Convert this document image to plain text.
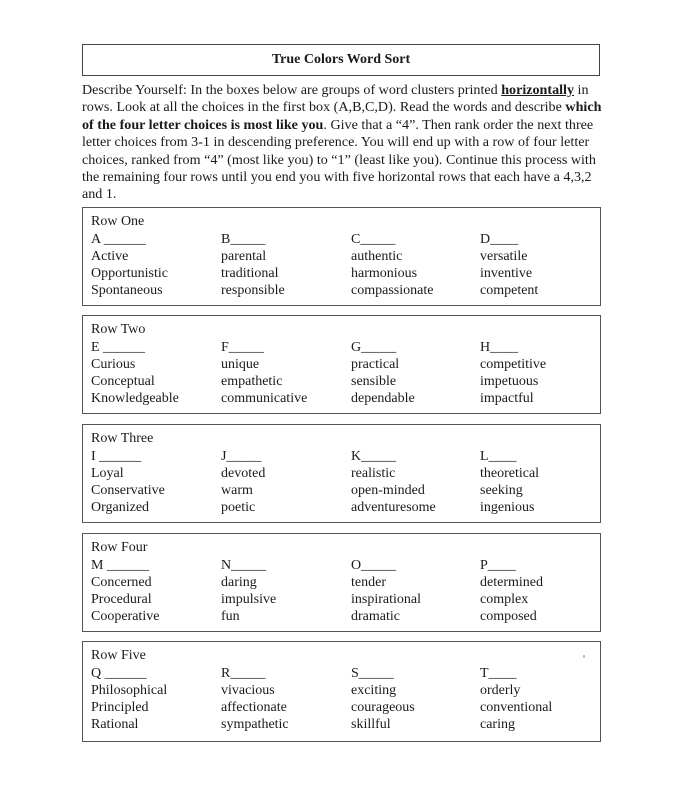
True Colors Word Sort

Describe Yourself: In the boxes below are groups of word clusters printed horizontally in rows. Look at all the choices in the first box (A,B,C,D). Read the words and describe which of the four letter choices is most like you. Give that a “4”. Then rank order the next three letter choices from 3-1 in descending preference. You will end up with a row of four letter choices, ranked from “4” (most like you) to “1” (least like you). Continue this process with the remaining four rows until you end you with five horizontal rows that each have a 4,3,2 and 1.

Row One
A ______
Active
Opportunistic
Spontaneous
B_____
parental
traditional
responsible
C_____
authentic
harmonious
compassionate
D____
versatile
inventive
competent
Row Two
E ______
Curious
Conceptual
Knowledgeable
F_____
unique
empathetic
communicative
G_____
practical
sensible
dependable
H____
competitive
impetuous
impactful
Row Three
I ______
Loyal
Conservative
Organized
J_____
devoted
warm
poetic
K_____
realistic
open-minded
adventuresome
L____
theoretical
seeking
ingenious
Row Four
M ______
Concerned
Procedural
Cooperative
N_____
daring
impulsive
fun
O_____
tender
inspirational
dramatic
P____
determined
complex
composed
Row Five
Q ______
Philosophical
Principled
Rational
R_____
vivacious
affectionate
sympathetic
S_____
exciting
courageous
skillful
T____
orderly
conventional
caring
